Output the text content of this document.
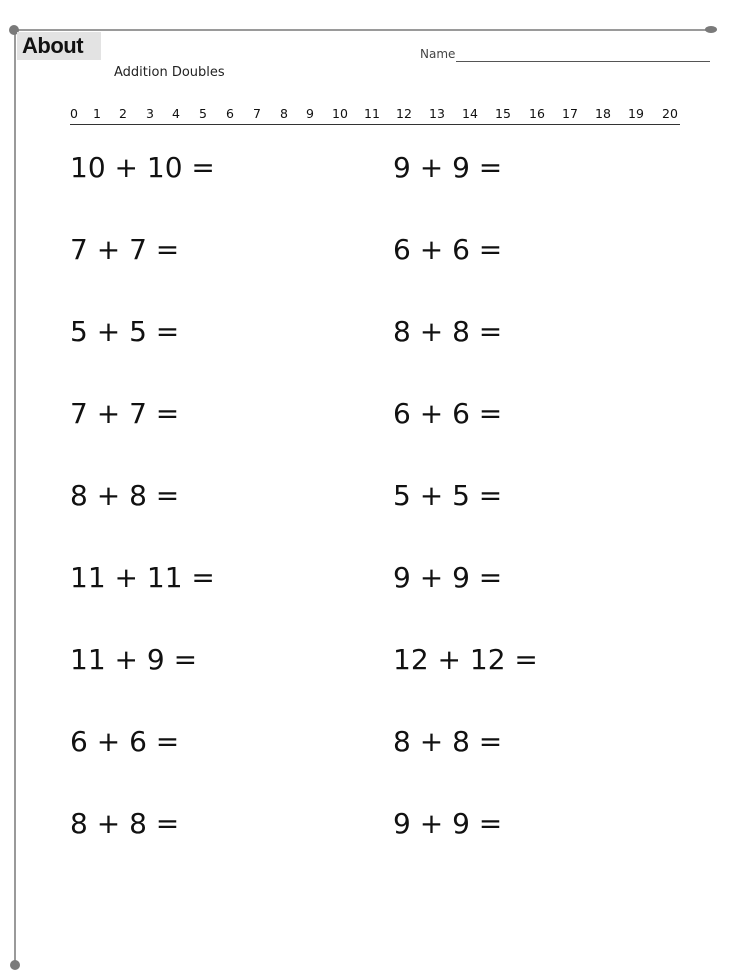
About
Addition Doubles
Name
0 1 2 3 4 5 6 7 8 9 10 11 12 13 14 15 16 17 18 19 20
10 + 10 =
7 + 7 =
5 + 5 =
7 + 7 =
8 + 8 =
11 + 11 =
11 + 9 =
6 + 6 =
8 + 8 =
9 + 9 =
6 + 6 =
8 + 8 =
6 + 6 =
5 + 5 =
9 + 9 =
12 + 12 =
8 + 8 =
9 + 9 =
